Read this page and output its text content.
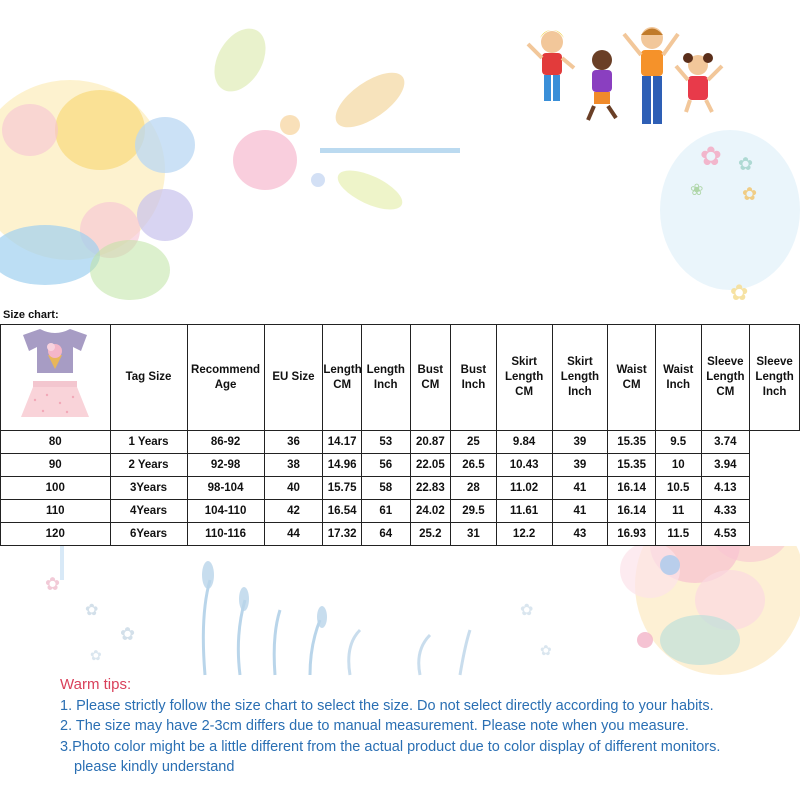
✿ ✿
✿
❀
✿
✿
✿
✿
✿
✿
✿
Size chart:
	Tag Size	Recommend Age	EU Size	Length CM	Length Inch	Bust CM	Bust Inch	Skirt Length CM	Skirt Length Inch	Waist CM	Waist Inch	Sleeve Length CM	Sleeve Length Inch
80	1 Years	86-92	36	14.17	53	20.87	25	9.84	39	15.35	9.5	3.74	
90	2 Years	92-98	38	14.96	56	22.05	26.5	10.43	39	15.35	10	3.94	
100	3Years	98-104	40	15.75	58	22.83	28	11.02	41	16.14	10.5	4.13	
110	4Years	104-110	42	16.54	61	24.02	29.5	11.61	41	16.14	11	4.33	
120	6Years	110-116	44	17.32	64	25.2	31	12.2	43	16.93	11.5	4.53	
Warm tips:
1. Please strictly follow the size chart to select the size. Do not select directly according to your habits.
2. The size may have 2-3cm differs due to manual measurement. Please note when you measure.
3.Photo color might be a little different from the actual product due to color display of different monitors.
please kindly understand
